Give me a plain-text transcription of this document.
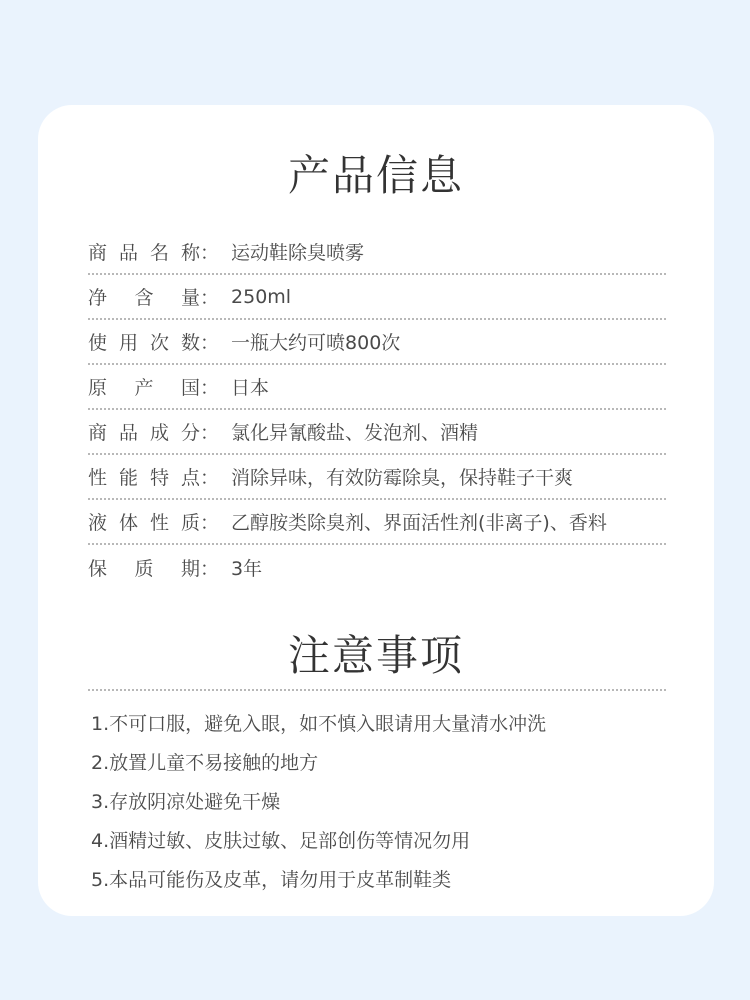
产品信息
商品名称 ： 运动鞋除臭喷雾
净含量 ： 250ml
使用次数 ： 一瓶大约可喷800次
原产国 ： 日本
商品成分 ： 氯化异氰酸盐、发泡剂、酒精
性能特点 ： 消除异味，有效防霉除臭，保持鞋子干爽
液体性质 ： 乙醇胺类除臭剂、界面活性剂(非离子)、香料
保质期 ： 3年
注意事项
1.不可口服，避免入眼，如不慎入眼请用大量清水冲洗
2.放置儿童不易接触的地方
3.存放阴凉处避免干燥
4.酒精过敏、皮肤过敏、足部创伤等情况勿用
5.本品可能伤及皮革，请勿用于皮革制鞋类
